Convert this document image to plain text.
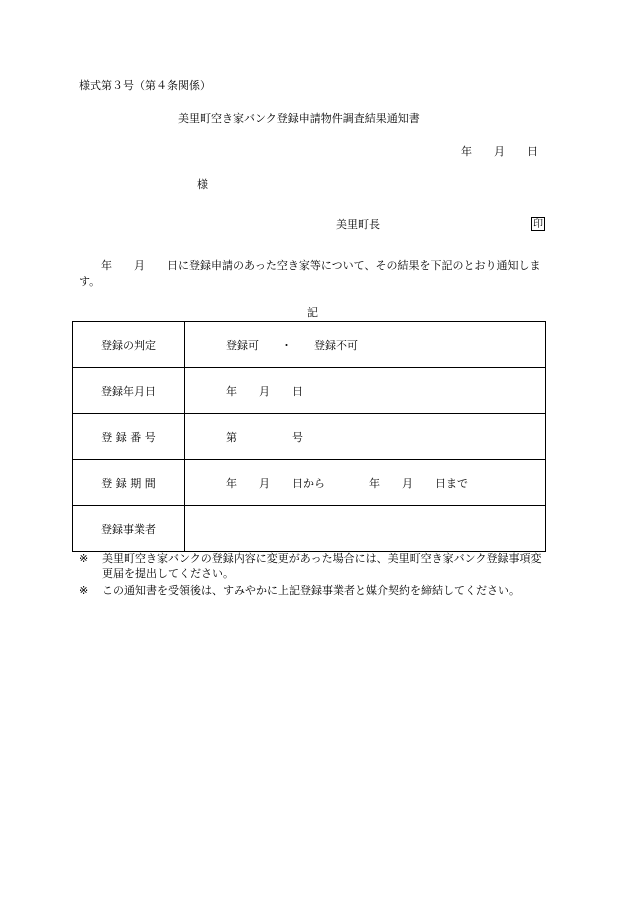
様式第３号（第４条関係）
美里町空き家バンク登録申請物件調査結果通知書
年　　月　　日
様
美里町長	印
　　年　　月　　日に登録申請のあった空き家等について、その結果を下記のとおり通知します。
記
登録の判定	登録可　　・　　登録不可
登録年月日	年　　月　　日
登 録 番 号	第　　　　　号
登 録 期 間	年　　月　　日から　　　　年　　月　　日まで
登録事業者	
※	美里町空き家バンクの登録内容に変更があった場合には、美里町空き家バンク登録事項変更届を提出してください。
※	この通知書を受領後は、すみやかに上記登録事業者と媒介契約を締結してください。
